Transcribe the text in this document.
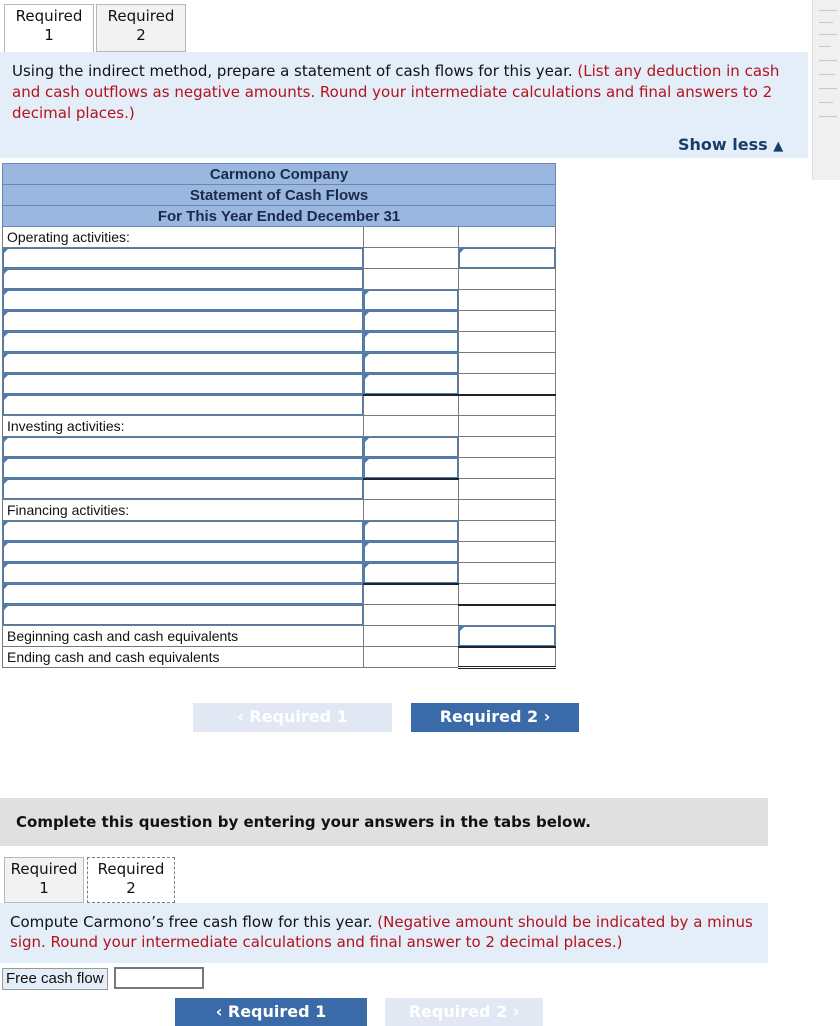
Required
1
Required
2
Using the indirect method, prepare a statement of cash flows for this year. (List any deduction in cash and cash outflows as negative amounts. Round your intermediate calculations and final answers to 2 decimal places.)
Show less ▲
Carmono Company		
Statement of Cash Flows		
For This Year Ended December 31		
Operating activities:		

Investing activities:		

Financing activities:		

Beginning cash and cash equivalents		

Ending cash and cash equivalents		
‹ Required 1	Required 2 ›
Complete this question by entering your answers in the tabs below.
Required
1
Required
2
Compute Carmono’s free cash flow for this year. (Negative amount should be indicated by a minus sign. Round your intermediate calculations and final answer to 2 decimal places.)
Free cash flow
‹ Required 1	Required 2 ›
